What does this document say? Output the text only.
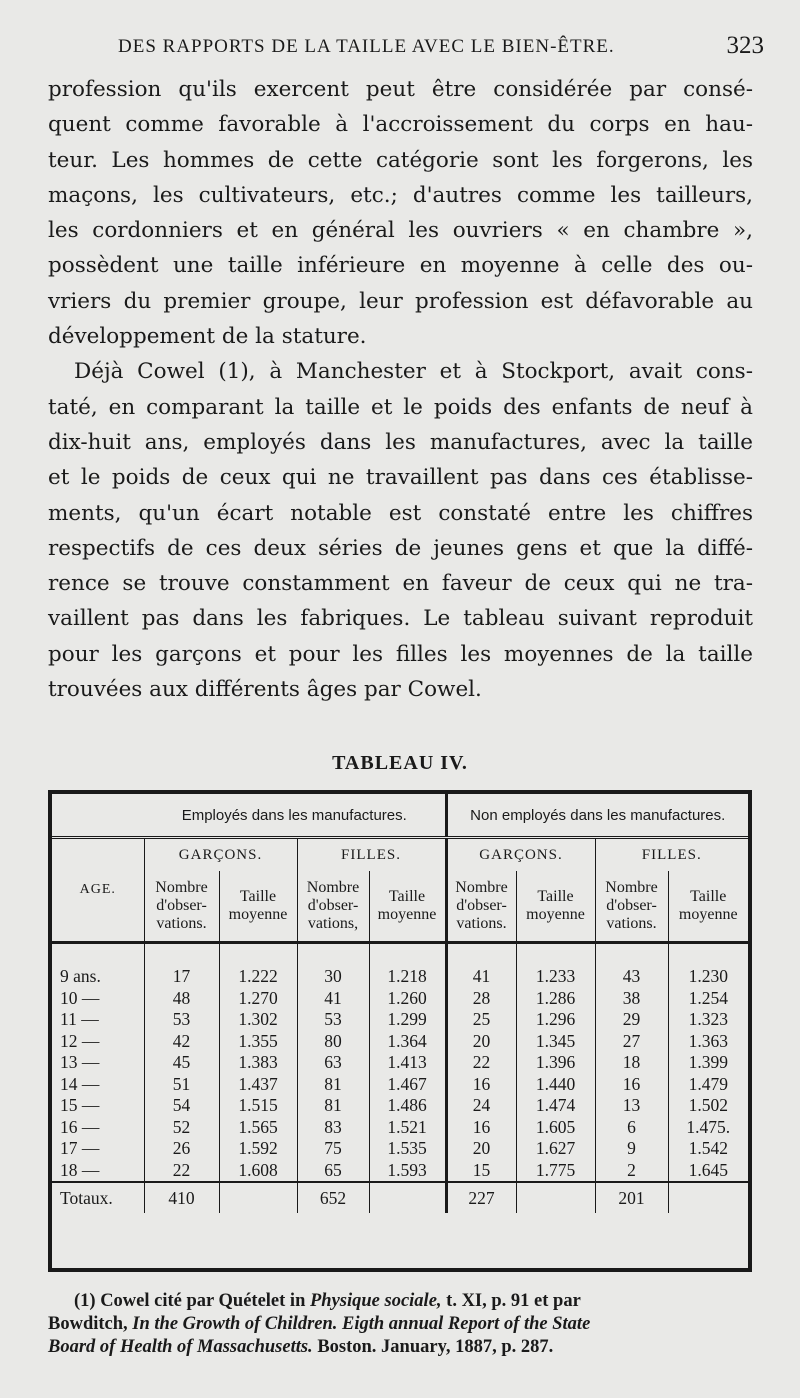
DES RAPPORTS DE LA TAILLE AVEC LE BIEN-ÊTRE.	323
profession qu'ils exercent peut être considérée par consé-
quent comme favorable à l'accroissement du corps en hau-
teur. Les hommes de cette catégorie sont les forgerons, les
maçons, les cultivateurs, etc.; d'autres comme les tailleurs,
les cordonniers et en général les ouvriers « en chambre »,
possèdent une taille inférieure en moyenne à celle des ou-
vriers du premier groupe, leur profession est défavorable au
développement de la stature.
Déjà Cowel (1), à Manchester et à Stockport, avait cons-
taté, en comparant la taille et le poids des enfants de neuf à
dix-huit ans, employés dans les manufactures, avec la taille
et le poids de ceux qui ne travaillent pas dans ces établisse-
ments, qu'un écart notable est constaté entre les chiffres
respectifs de ces deux séries de jeunes gens et que la diffé-
rence se trouve constamment en faveur de ceux qui ne tra-
vaillent pas dans les fabriques. Le tableau suivant reproduit
pour les garçons et pour les filles les moyennes de la taille
trouvées aux différents âges par Cowel.
TABLEAU IV.
	Employés dans les manufactures.				Non employés dans les manufactures.			
AGE.	GARÇONS.		FILLES.		GARÇONS.		FILLES.	
	Nombre d'obser-vations.	Taille moyenne	Nombre d'obser-vations,	Taille moyenne	Nombre d'obser-vations.	Taille moyenne	Nombre d'obser-vations.	Taille moyenne
9 ans.	17	1.222	30	1.218	41	1.233	43	1.230
10 —	48	1.270	41	1.260	28	1.286	38	1.254
11 —	53	1.302	53	1.299	25	1.296	29	1.323
12 —	42	1.355	80	1.364	20	1.345	27	1.363
13 —	45	1.383	63	1.413	22	1.396	18	1.399
14 —	51	1.437	81	1.467	16	1.440	16	1.479
15 —	54	1.515	81	1.486	24	1.474	13	1.502
16 —	52	1.565	83	1.521	16	1.605	6	1.475.
17 —	26	1.592	75	1.535	20	1.627	9	1.542
18 —	22	1.608	65	1.593	15	1.775	2	1.645
Totaux.	410		652		227		201	
(1) Cowel cité par Quételet in Physique sociale, t. XI, p. 91 et par
Bowditch, In the Growth of Children. Eigth annual Report of the State
Board of Health of Massachusetts. Boston. January, 1887, p. 287.
